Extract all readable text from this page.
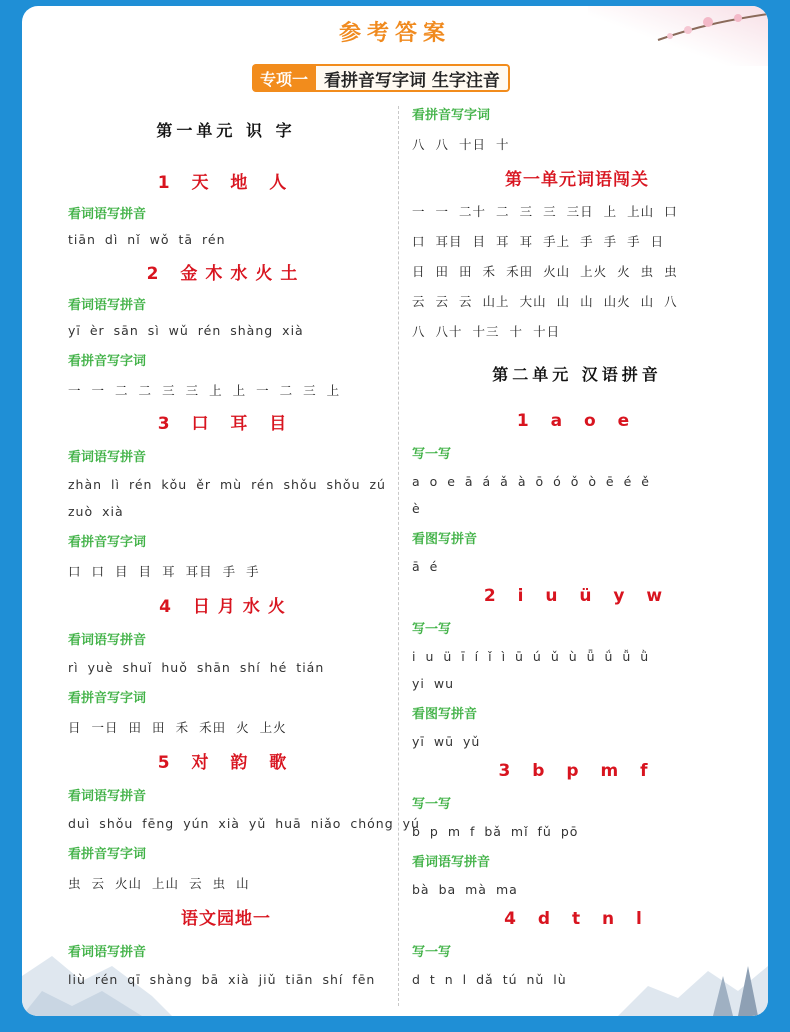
参考答案
专项一 看拼音写字词 生字注音
第一单元 识 字
1 天 地 人
看词语写拼音
tiān dì nǐ wǒ tā rén
2 金木水火土
看词语写拼音
yī èr sān sì wǔ rén shàng xià
看拼音写字词
一 一 二 二 三 三 上 上 一 二 三 上
3 口 耳 目
看词语写拼音
zhàn lì rén kǒu ěr mù rén shǒu shǒu zú
zuò xià
看拼音写字词
口 口 目 目 耳 耳目 手 手
4 日月水火
看词语写拼音
rì yuè shuǐ huǒ shān shí hé tián
看拼音写字词
日 一日 田 田 禾 禾田 火 上火
5 对 韵 歌
看词语写拼音
duì shǒu fēng yún xià yǔ huā niǎo chóng yú
看拼音写字词
虫 云 火山 上山 云 虫 山
语文园地一
看词语写拼音
liù rén qī shàng bā xià jiǔ tiān shí fēn
看拼音写字词
八 八 十日 十
第一单元词语闯关
一 一 二十 二 三 三 三日 上 上山 口
口 耳目 目 耳 耳 手上 手 手 手 日
日 田 田 禾 禾田 火山 上火 火 虫 虫
云 云 云 山上 大山 山 山 山火 山 八
八 八十 十三 十 十日
第二单元 汉语拼音
1 a o e
写一写
a o e ā á ǎ à ō ó ǒ ò ē é ě
è
看图写拼音
ā é
2 i u ü y w
写一写
i u ü ī í ǐ ì ū ú ǔ ù ǖ ǘ ǚ ǜ
yi wu
看图写拼音
yī wū yǔ
3 b p m f
写一写
b p m f bǎ mǐ fǔ pō
看词语写拼音
bà ba mà ma
4 d t n l
写一写
d t n l dǎ tú nǔ lù
